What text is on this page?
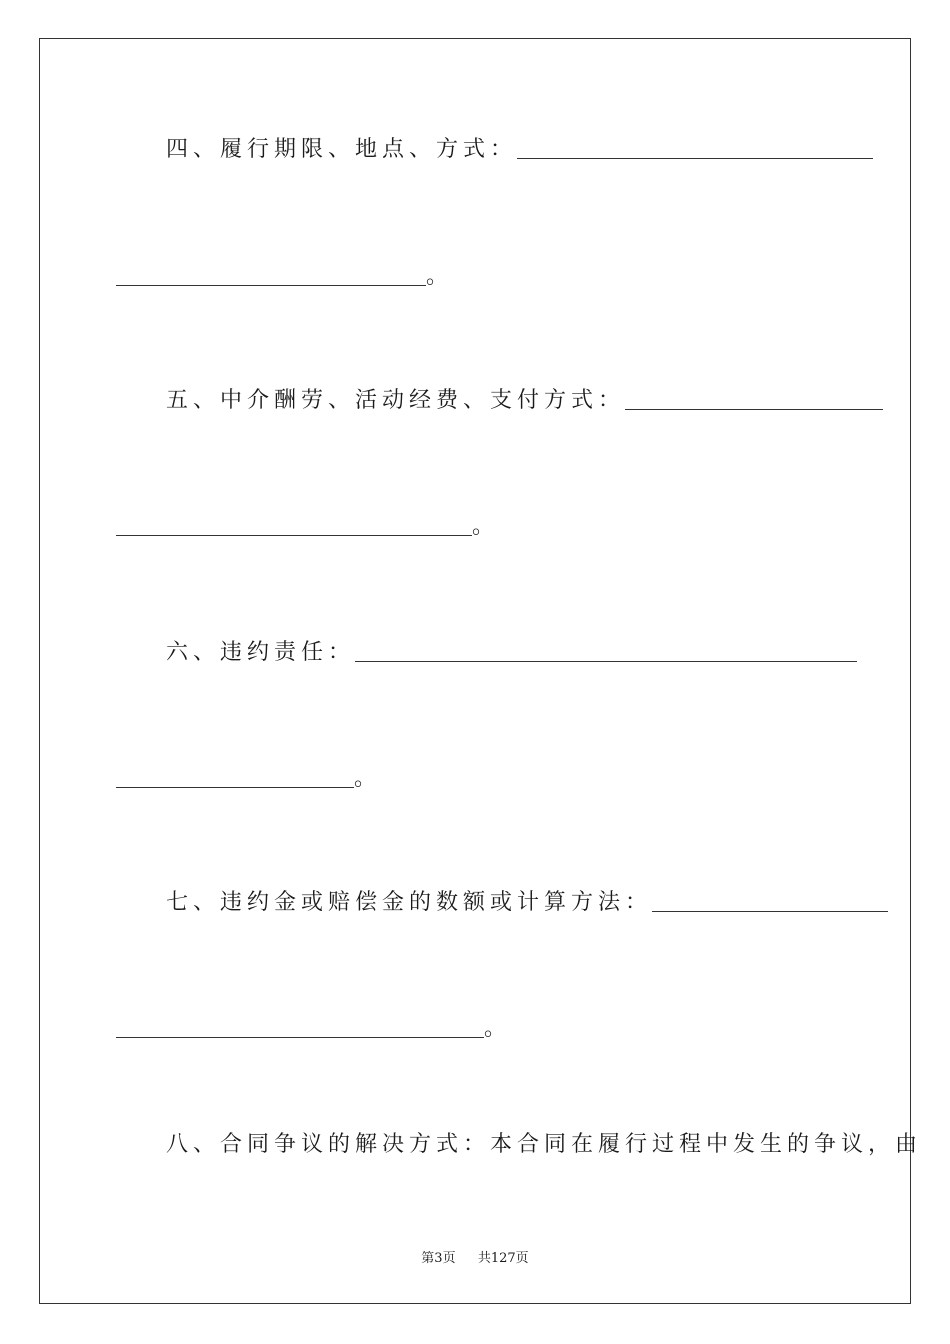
四、履行期限、地点、方式：
。
五、中介酬劳、活动经费、支付方式：
。
六、违约责任：
。
七、违约金或赔偿金的数额或计算方法：
。
八、合同争议的解决方式：本合同在履行过程中发生的争议，由
第3页 共127页
